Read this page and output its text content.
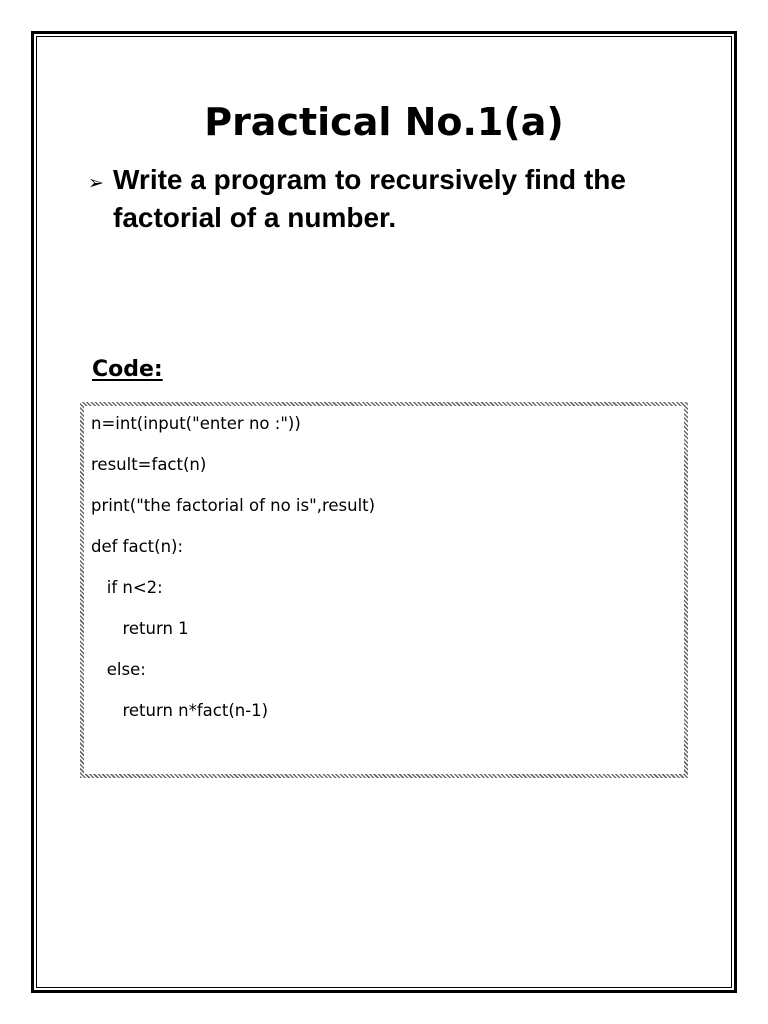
Practical No.1(a)
➢ Write a program to recursively find the
factorial of a number.

Code:
n=int(input("enter no :"))
result=fact(n)
print("the factorial of no is",result)
def fact(n):
if n<2:
return 1
else:
return n*fact(n-1)
